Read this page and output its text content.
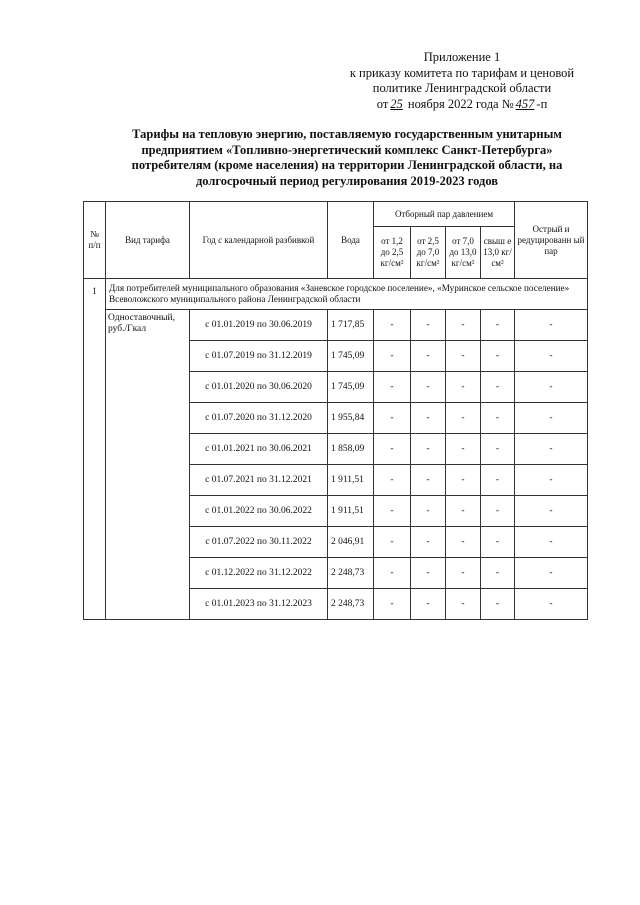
Приложение 1
к приказу комитета по тарифам и ценовой
политике Ленинградской области
от 25 ноября 2022 года № 457 -п
Тарифы на тепловую энергию, поставляемую государственным унитарным предприятием «Топливно-энергетический комплекс Санкт-Петербурга» потребителям (кроме населения) на территории Ленинградской области, на долгосрочный период регулирования 2019-2023 годов
№ п/п	Вид тарифа	Год с календарной разбивкой	Вода	Отборный пар давлением				Острый и редуцированн ый пар
				от 1,2 до 2,5 кг/см²	от 2,5 до 7,0 кг/см²	от 7,0 до 13,0 кг/см²	свыш е 13,0 кг/см²	
1	Для потребителей муниципального образования «Заневское городское поселение», «Муринское сельское поселение» Всеволожского муниципального района Ленинградской области							
	Одноставочный, руб./Гкал	с 01.01.2019 по 30.06.2019	1 717,85	-	-	-	-	-
		с 01.07.2019 по 31.12.2019	1 745,09	-	-	-	-	-
		с 01.01.2020 по 30.06.2020	1 745,09	-	-	-	-	-
		с 01.07.2020 по 31.12.2020	1 955,84	-	-	-	-	-
		с 01.01.2021 по 30.06.2021	1 858,09	-	-	-	-	-
		с 01.07.2021 по 31.12.2021	1 911,51	-	-	-	-	-
		с 01.01.2022 по 30.06.2022	1 911,51	-	-	-	-	-
		с 01.07.2022 по 30.11.2022	2 046,91	-	-	-	-	-
		с 01.12.2022 по 31.12.2022	2 248,73	-	-	-	-	-
		с 01.01.2023 по 31.12.2023	2 248,73	-	-	-	-	-
